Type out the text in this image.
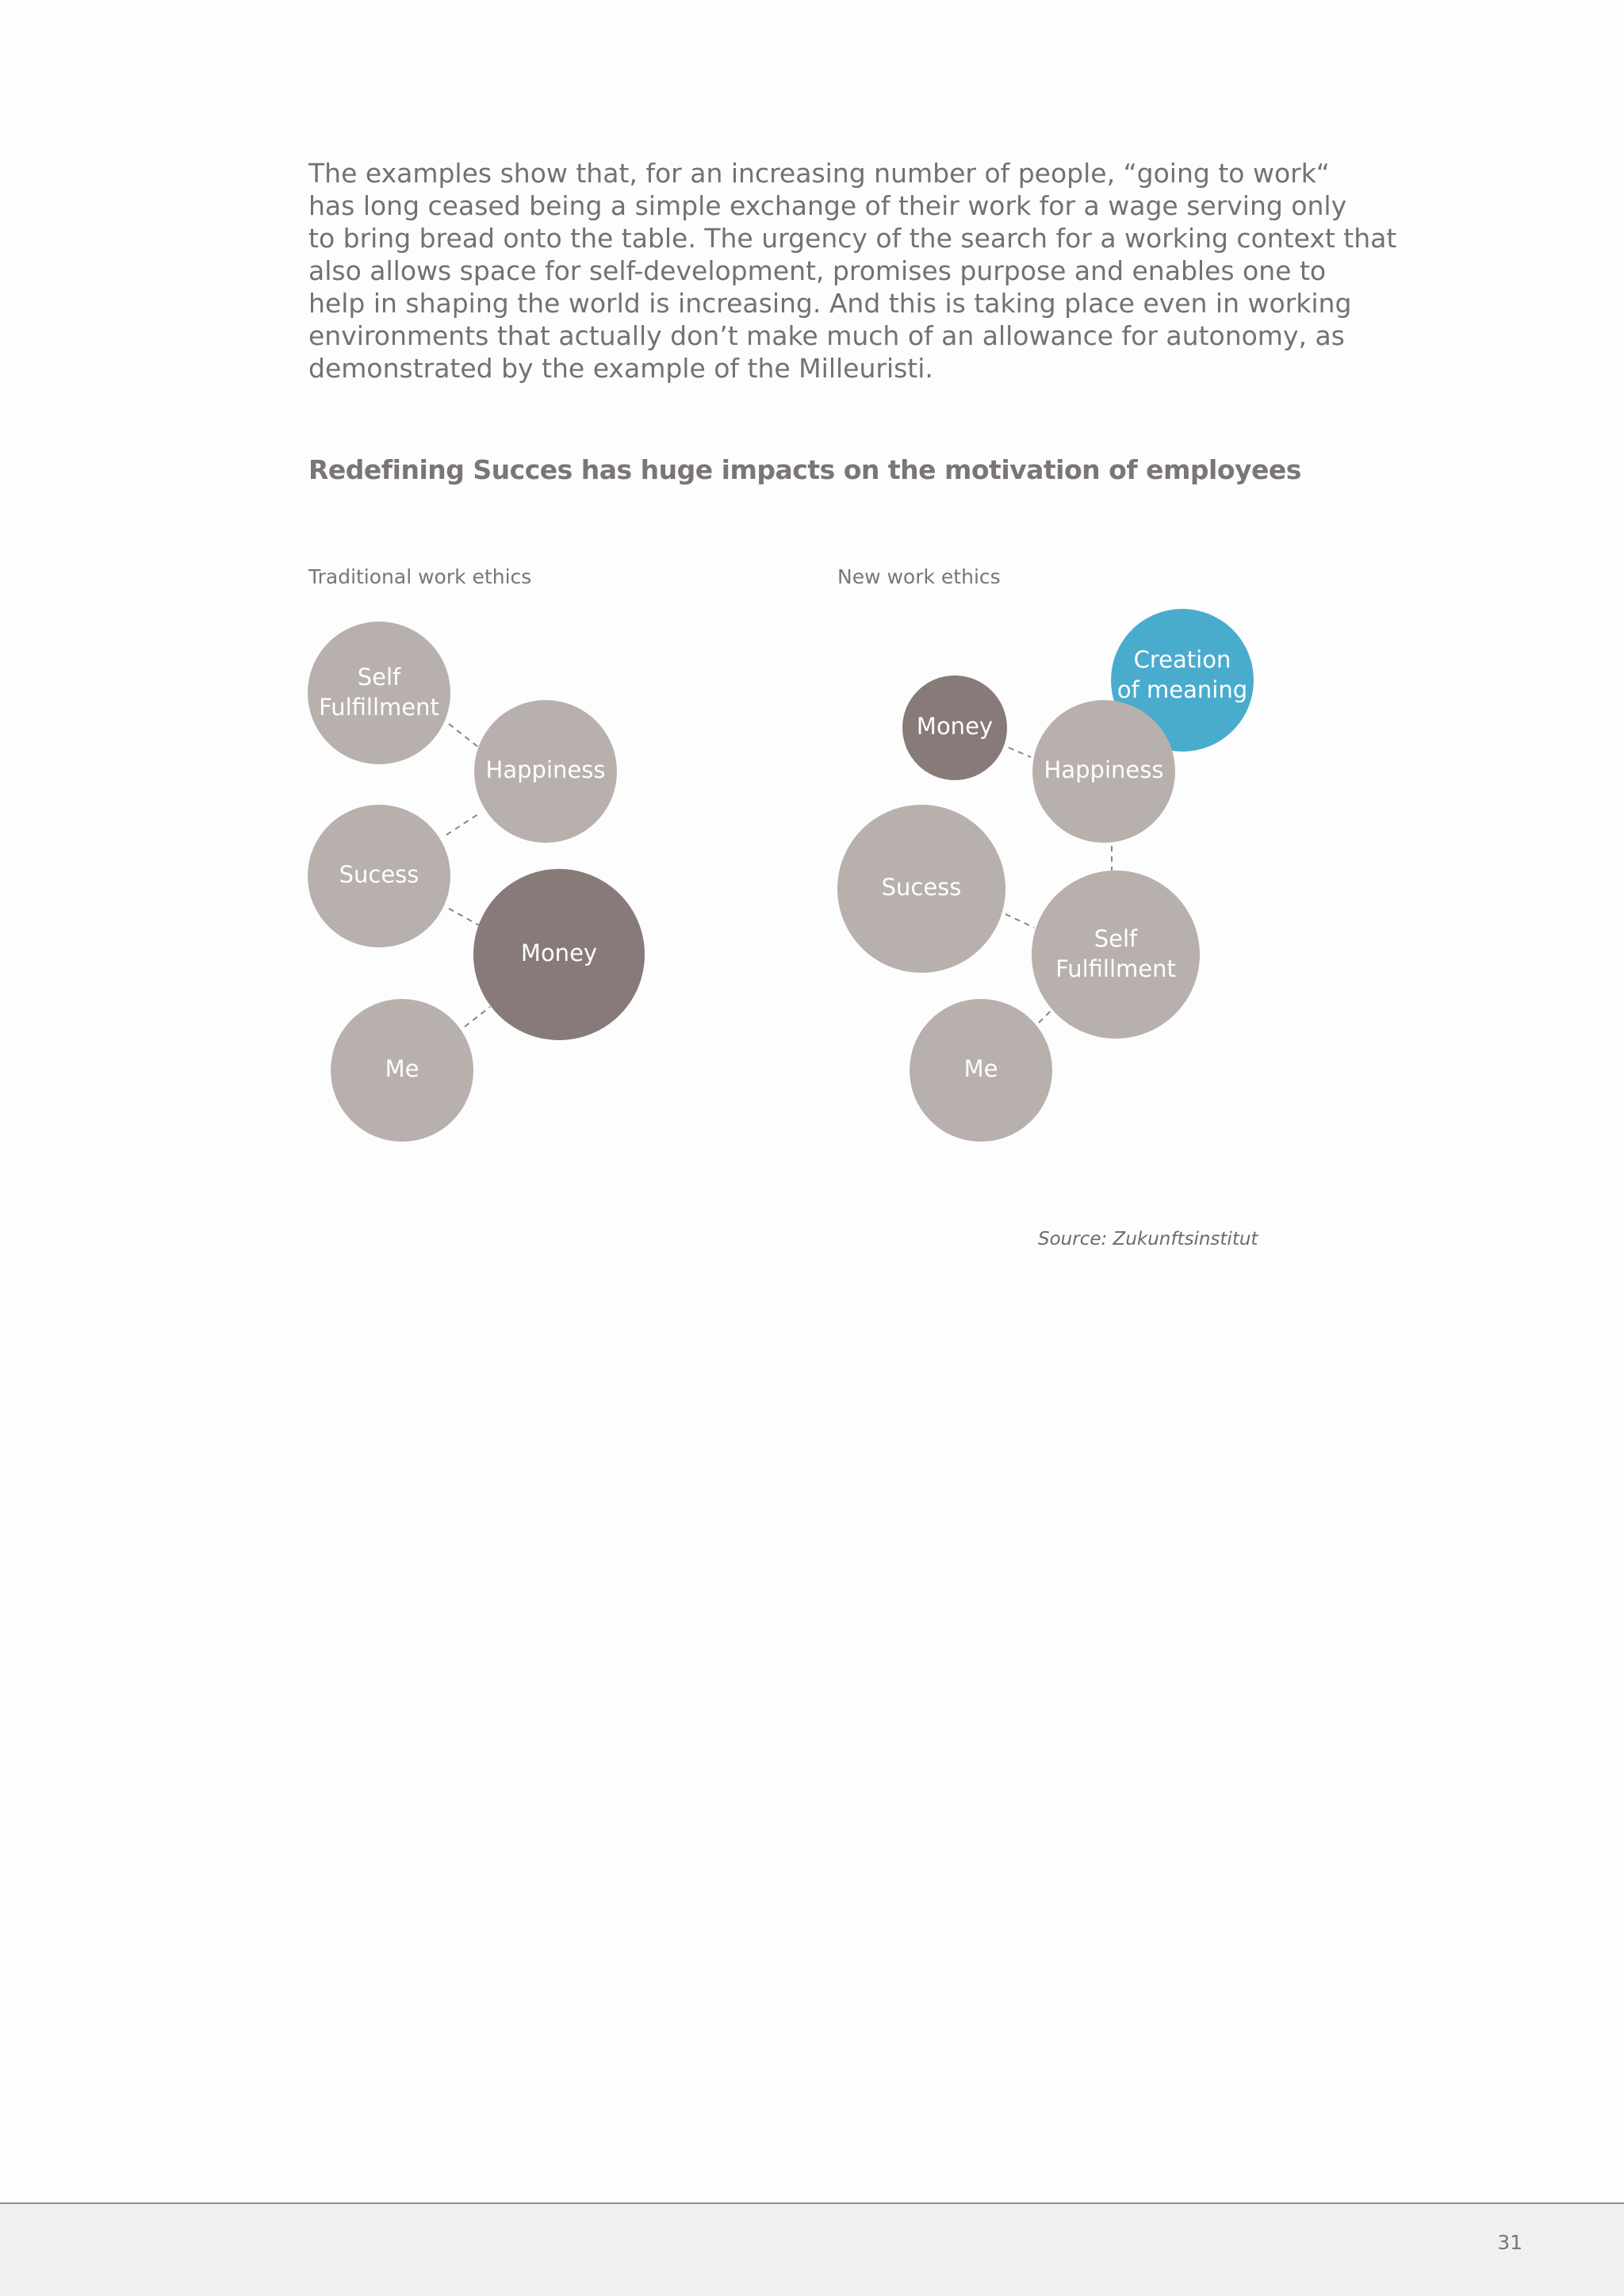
The examples show that, for an increasing number of people, “going to work“
has long ceased being a simple exchange of their work for a wage serving only
to bring bread onto the table. The urgency of the search for a working context that
also allows space for self-development, promises purpose and enables one to
help in shaping the world is increasing. And this is taking place even in working
environments that actually don’t make much of an allowance for autonomy, as
demonstrated by the example of the Milleuristi.

Redefining Succes has huge impacts on the motivation of employees
Traditional work ethics	New work ethics
Self
Fulfillment
Happiness
Sucess
Money
Me
Creation
of meaning
Money
Happiness
Sucess
Self
Fulfillment
Me
Source: Zukunftsinstitut
31
